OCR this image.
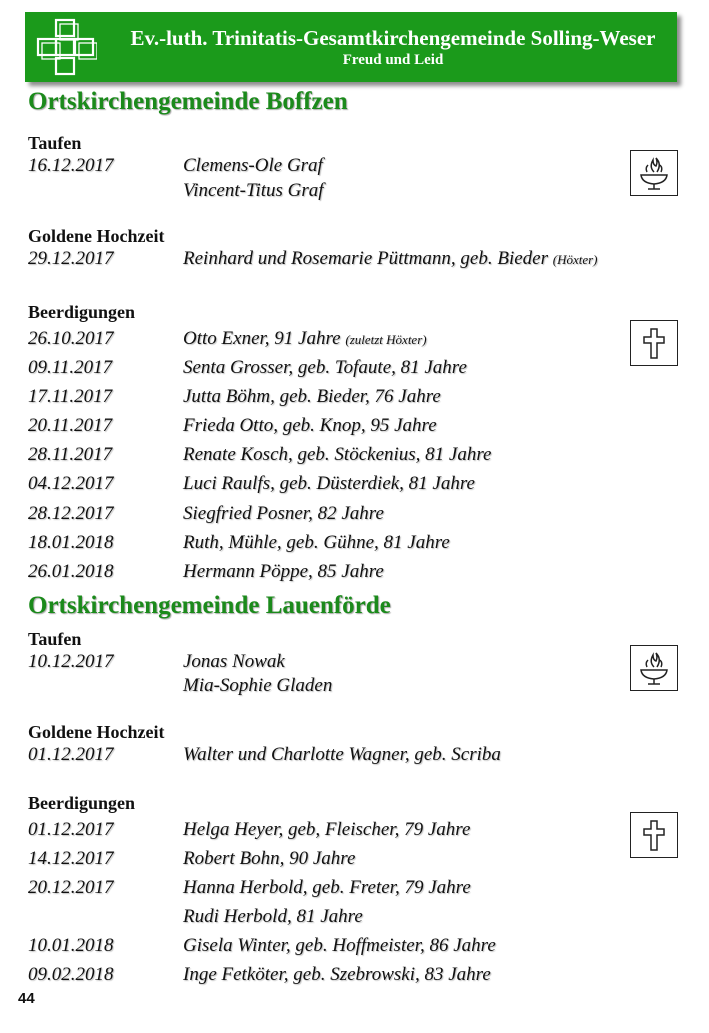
Ev.-luth. Trinitatis-Gesamtkirchengemeinde Solling-Weser
Freud und Leid
Ortskirchengemeinde Boffzen
Taufen
16.12.2017	Clemens-Ole Graf
Vincent-Titus Graf
Goldene Hochzeit
29.12.2017	Reinhard und Rosemarie Püttmann, geb. Bieder (Höxter)
Beerdigungen
26.10.2017	Otto Exner, 91 Jahre (zuletzt Höxter)
09.11.2017	Senta Grosser, geb. Tofaute, 81 Jahre
17.11.2017	Jutta Böhm, geb. Bieder, 76 Jahre
20.11.2017	Frieda Otto, geb. Knop, 95 Jahre
28.11.2017	Renate Kosch, geb. Stöckenius, 81 Jahre
04.12.2017	Luci Raulfs, geb. Düsterdiek, 81 Jahre
28.12.2017	Siegfried Posner, 82 Jahre
18.01.2018	Ruth, Mühle, geb. Gühne, 81 Jahre
26.01.2018	Hermann Pöppe, 85 Jahre
Ortskirchengemeinde Lauenförde
Taufen
10.12.2017	Jonas Nowak
Mia-Sophie Gladen
Goldene Hochzeit
01.12.2017	Walter und Charlotte Wagner, geb. Scriba
Beerdigungen
01.12.2017	Helga Heyer, geb, Fleischer, 79 Jahre
14.12.2017	Robert Bohn, 90 Jahre
20.12.2017	Hanna Herbold, geb. Freter, 79 Jahre
Rudi Herbold, 81 Jahre
10.01.2018	Gisela Winter, geb. Hoffmeister, 86 Jahre
09.02.2018	Inge Fetköter, geb. Szebrowski, 83 Jahre
44
